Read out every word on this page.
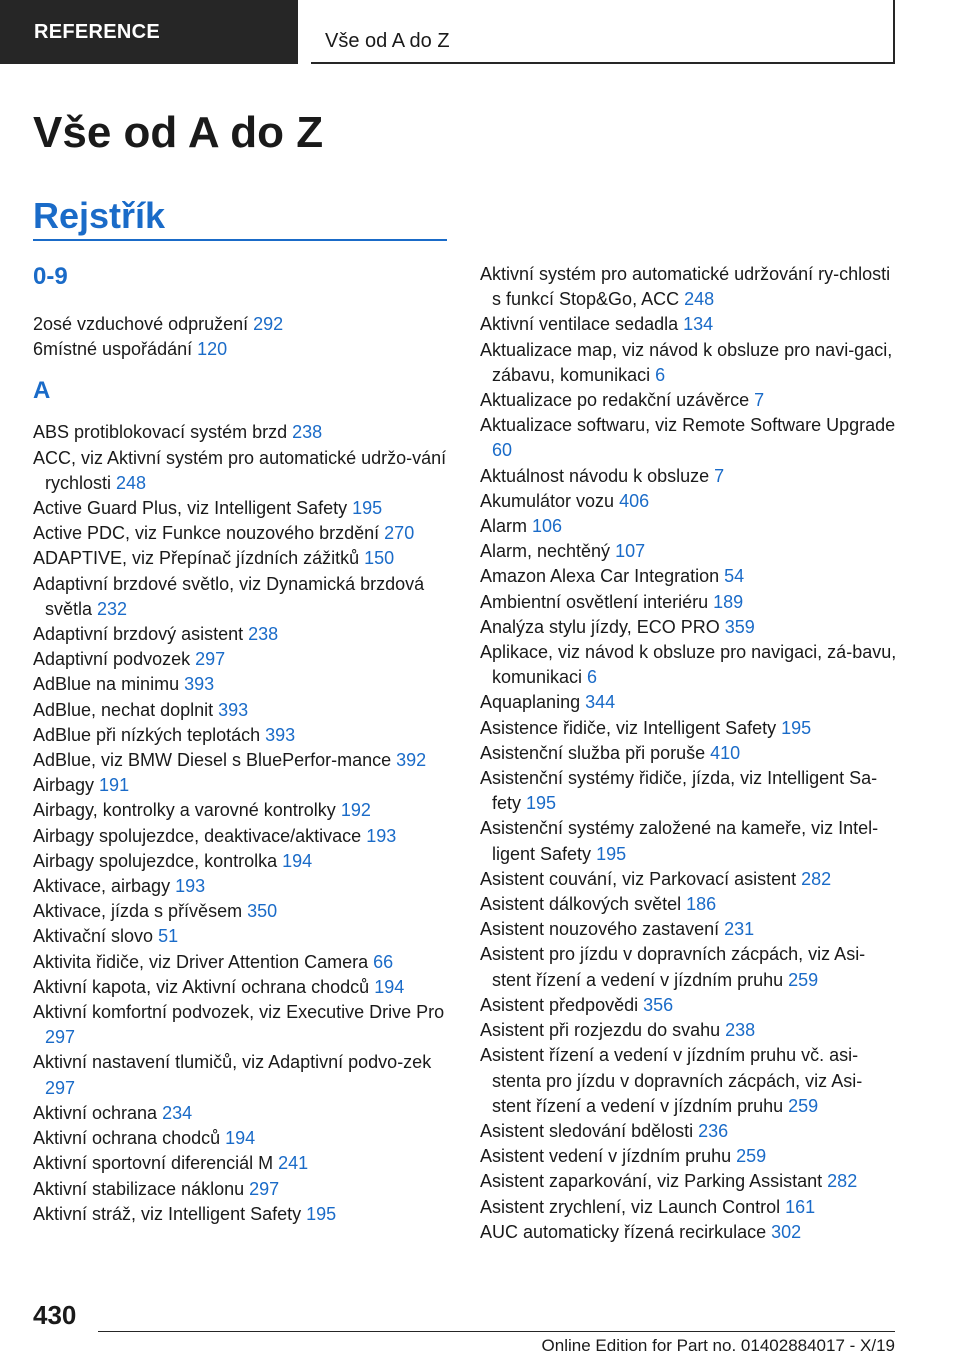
REFERENCE	Vše od A do Z
Vše od A do Z
Rejstřík
0-9
2osé vzduchové odpružení 292
6místné uspořádání 120
A
ABS protiblokovací systém brzd 238
ACC, viz Aktivní systém pro automatické udržo‐vání rychlosti 248
Active Guard Plus, viz Intelligent Safety 195
Active PDC, viz Funkce nouzového brzdění 270
ADAPTIVE, viz Přepínač jízdních zážitků 150
Adaptivní brzdové světlo, viz Dynamická brzdová světla 232
Adaptivní brzdový asistent 238
Adaptivní podvozek 297
AdBlue na minimu 393
AdBlue, nechat doplnit 393
AdBlue při nízkých teplotách 393
AdBlue, viz BMW Diesel s BluePerfor‐mance 392
Airbagy 191
Airbagy, kontrolky a varovné kontrolky 192
Airbagy spolujezdce, deaktivace/aktivace 193
Airbagy spolujezdce, kontrolka 194
Aktivace, airbagy 193
Aktivace, jízda s přívěsem 350
Aktivační slovo 51
Aktivita řidiče, viz Driver Attention Camera 66
Aktivní kapota, viz Aktivní ochrana chodců 194
Aktivní komfortní podvozek, viz Executive Drive Pro 297
Aktivní nastavení tlumičů, viz Adaptivní podvo‐zek 297
Aktivní ochrana 234
Aktivní ochrana chodců 194
Aktivní sportovní diferenciál M 241
Aktivní stabilizace náklonu 297
Aktivní stráž, viz Intelligent Safety 195
Aktivní systém pro automatické udržování ry‐chlosti s funkcí Stop&Go, ACC 248
Aktivní ventilace sedadla 134
Aktualizace map, viz návod k obsluze pro navi‐gaci, zábavu, komunikaci 6
Aktualizace po redakční uzávěrce 7
Aktualizace softwaru, viz Remote Software Upgrade 60
Aktuálnost návodu k obsluze 7
Akumulátor vozu 406
Alarm 106
Alarm, nechtěný 107
Amazon Alexa Car Integration 54
Ambientní osvětlení interiéru 189
Analýza stylu jízdy, ECO PRO 359
Aplikace, viz návod k obsluze pro navigaci, zá‐bavu, komunikaci 6
Aquaplaning 344
Asistence řidiče, viz Intelligent Safety 195
Asistenční služba při poruše 410
Asistenční systémy řidiče, jízda, viz Intelligent Sa‐fety 195
Asistenční systémy založené na kameře, viz Intel‐ligent Safety 195
Asistent couvání, viz Parkovací asistent 282
Asistent dálkových světel 186
Asistent nouzového zastavení 231
Asistent pro jízdu v dopravních zácpách, viz Asi‐stent řízení a vedení v jízdním pruhu 259
Asistent předpovědi 356
Asistent při rozjezdu do svahu 238
Asistent řízení a vedení v jízdním pruhu vč. asi‐stenta pro jízdu v dopravních zácpách, viz Asi‐stent řízení a vedení v jízdním pruhu 259
Asistent sledování bdělosti 236
Asistent vedení v jízdním pruhu 259
Asistent zaparkování, viz Parking Assistant 282
Asistent zrychlení, viz Launch Control 161
AUC automaticky řízená recirkulace 302
430
Online Edition for Part no. 01402884017 - X/19
